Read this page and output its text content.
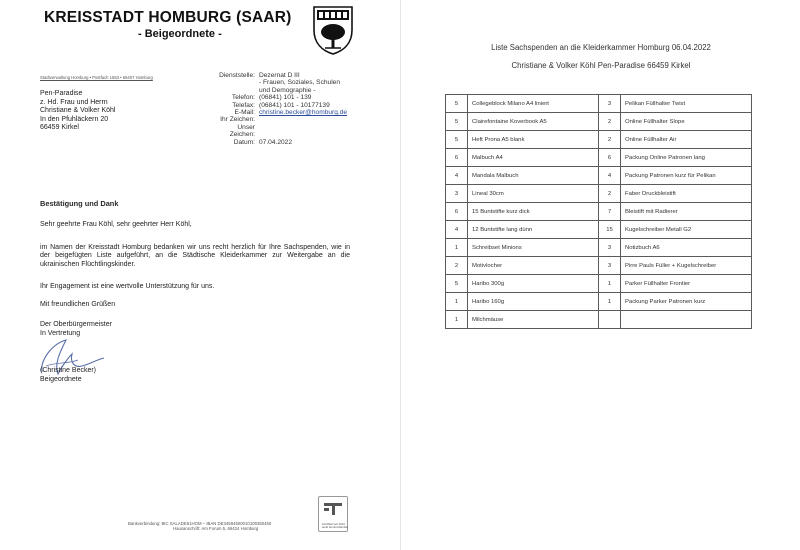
KREISSTADT HOMBURG (SAAR)
- Beigeordnete -
Stadtverwaltung Homburg • Postfach 1653 • 66407 Homburg
Pen-Paradise
z. Hd. Frau und Herrn
Christiane & Volker Köhl
In den Pfuhläckern 20
66459 Kirkel
Dienststelle: Dezernat D III
- Frauen, Soziales, Schulen
und Demographie -
Telefon: (06841) 101 - 139
Telefax: (06841) 101 - 10177139
E-Mail: christine.becker@homburg.de
Ihr Zeichen:
Unser Zeichen:
Datum: 07.04.2022
Bestätigung und Dank
Sehr geehrte Frau Köhl, sehr geehrter Herr Köhl,
im Namen der Kreisstadt Homburg bedanken wir uns recht herzlich für Ihre Sachspenden, wie in der beigefügten Liste aufgeführt, an die Städtische Kleiderkammer zur Weitergabe an die ukrainischen Flüchtlingskinder.
Ihr Engagement ist eine wertvolle Unterstützung für uns.
Mit freundlichen Grüßen
Der Oberbürgermeister
In Vertretung
(Christine Becker)
Beigeordnete
Bankverbindung: BIC SALADE51HOM – IBAN DE34594500010100350450
Hausanschrift: Am Forum 5, 66424 Homburg
Zertifikat seit 2004
audit berufundfamilie
Liste Sachspenden an die Kleiderkammer Homburg 06.04.2022
Christiane & Volker Köhl Pen-Paradise 66459 Kirkel
5	Collegeblock Milano A4 liniert	3	Pelikan Füllhalter Twist
5	Clairefontaine Koverbook A5	2	Online Füllhalter Slope
5	Heft Prona A5 blank	2	Online Füllhalter Air
6	Malbuch A4	6	Packung Online Patronen lang
4	Mandala Malbuch	4	Packung Patronen kurz für Pelikan
3	Lineal 30cm	2	Faber Druckbleistift
6	15 Buntstifte kurz dick	7	Bleistift mit Radierer
4	12 Buntstifte lang dünn	15	Kugelschreiber Metall G2
1	Schreibset Minions	3	Notizbuch A6
2	Motivlocher	3	Pirre Pauls Füller + Kugelschreiber
5	Haribo 300g	1	Parker Füllhalter Frontier
1	Haribo 160g	1	Packung Parker Patronen kurz
1	Milchmäuse		
